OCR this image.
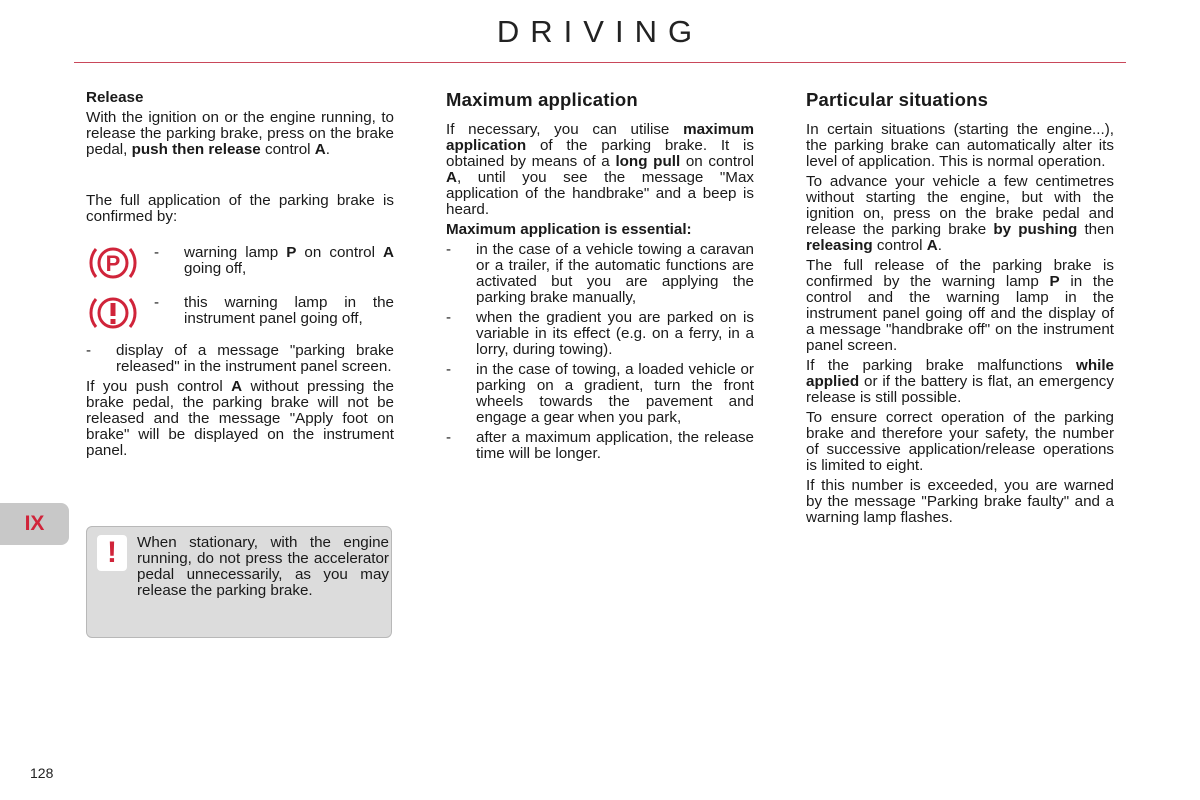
DRIVING
Release

With the ignition on or the engine running, to release the parking brake, press on the brake pedal, push then release control A.

The full application of the parking brake is confirmed by:

P -	warning lamp P on control A going off,
-	this warning lamp in the instrument panel going off,
- display of a message "parking brake released" in the instrument panel screen.

If you push control A without pressing the brake pedal, the parking brake will not be released and the message "Apply foot on brake" will be displayed on the instrument panel.

!	When stationary, with the engine running, do not press the accelerator pedal unnecessarily, as you may release the parking brake.

Maximum application

If necessary, you can utilise maximum application of the parking brake. It is obtained by means of a long pull on control A, until you see the message "Max application of the handbrake" and a beep is heard.

Maximum application is essential:

- in the case of a vehicle towing a caravan or a trailer, if the automatic functions are activated but you are applying the parking brake manually,
- when the gradient you are parked on is variable in its effect (e.g. on a ferry, in a lorry, during towing).
- in the case of towing, a loaded vehicle or parking on a gradient, turn the front wheels towards the pavement and engage a gear when you park,
- after a maximum application, the release time will be longer.
Particular situations

In certain situations (starting the engine...), the parking brake can automatically alter its level of application. This is normal operation.

To advance your vehicle a few centimetres without starting the engine, but with the ignition on, press on the brake pedal and release the parking brake by pushing then releasing control A.

The full release of the parking brake is confirmed by the warning lamp P in the control and the warning lamp in the instrument panel going off and the display of a message "handbrake off" on the instrument panel screen.

If the parking brake malfunctions while applied or if the battery is flat, an emergency release is still possible.

To ensure correct operation of the parking brake and therefore your safety, the number of successive application/release operations is limited to eight.

If this number is exceeded, you are warned by the message "Parking brake faulty" and a warning lamp flashes.

IX
128
